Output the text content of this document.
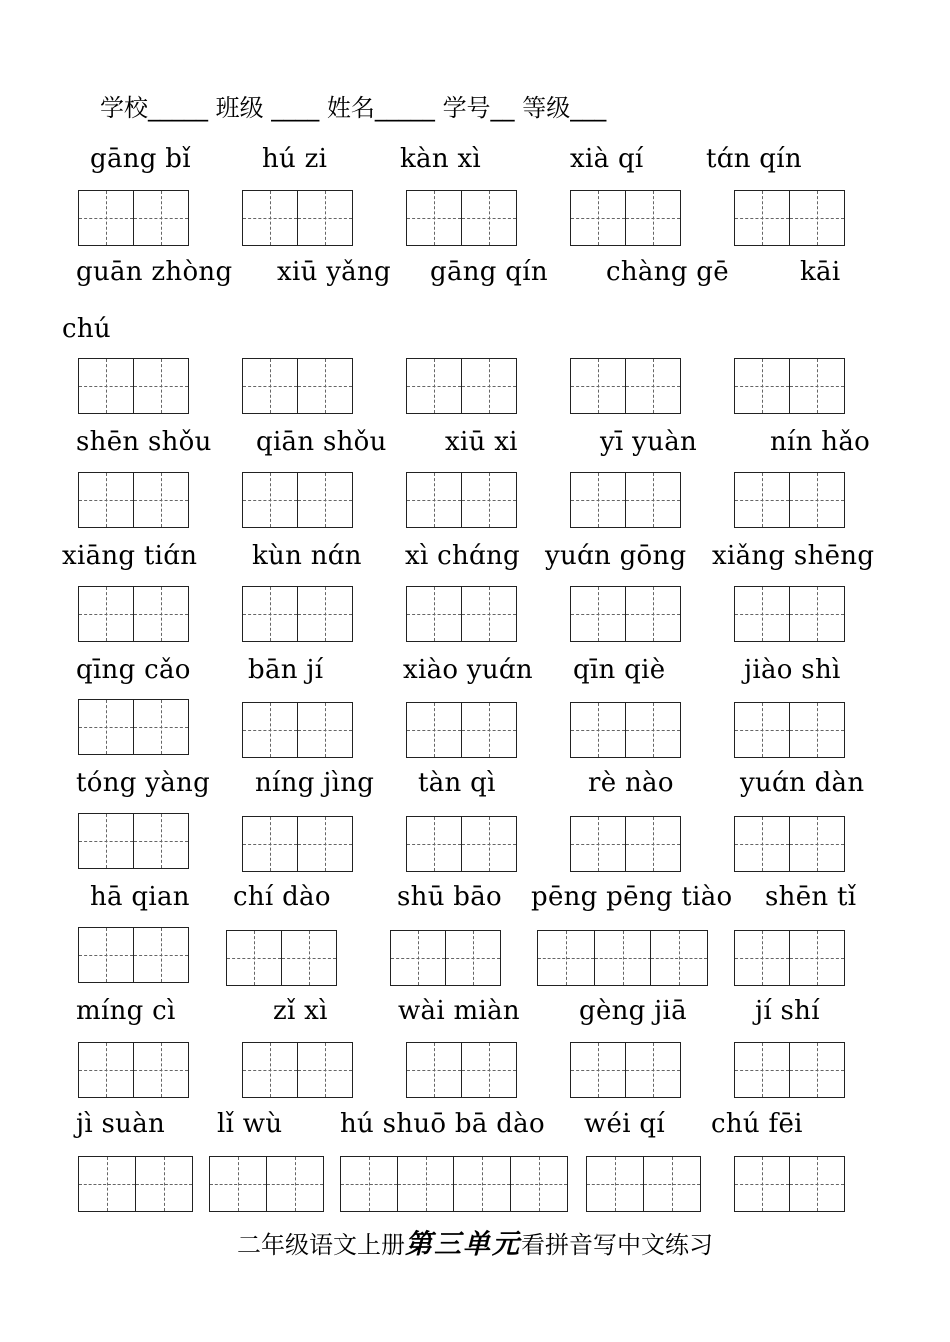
学校_____ 班级 ____ 姓名_____ 学号__ 等级___
gāng bǐ	hú zi	kàn xì	xià qí tɑ́n qín
guān zhòng xiū yǎng gāng qín chàng gē	kāi
chú
shēn shǒu qiān shǒu xiū xi	yī yuàn	nín hǎo
xiāng tiɑ́n kùn nɑ́n xì chɑ́ng yuɑ́n gōng xiǎng shēng
qīng cǎo bān jí	xiào yuɑ́n qīn qiè	jiào shì
tóng yàng níng jìng tàn qì	rè nào	yuɑ́n dàn
hā qian chí dào	shū bāo pēng pēng tiào shēn tǐ
míng cì	zǐ xì	wài miàn gèng jiā	jí shí
jì suàn lǐ wù hú shuō bā dào wéi qí chú fēi
二年级语文上册第三单元看拼音写中文练习
